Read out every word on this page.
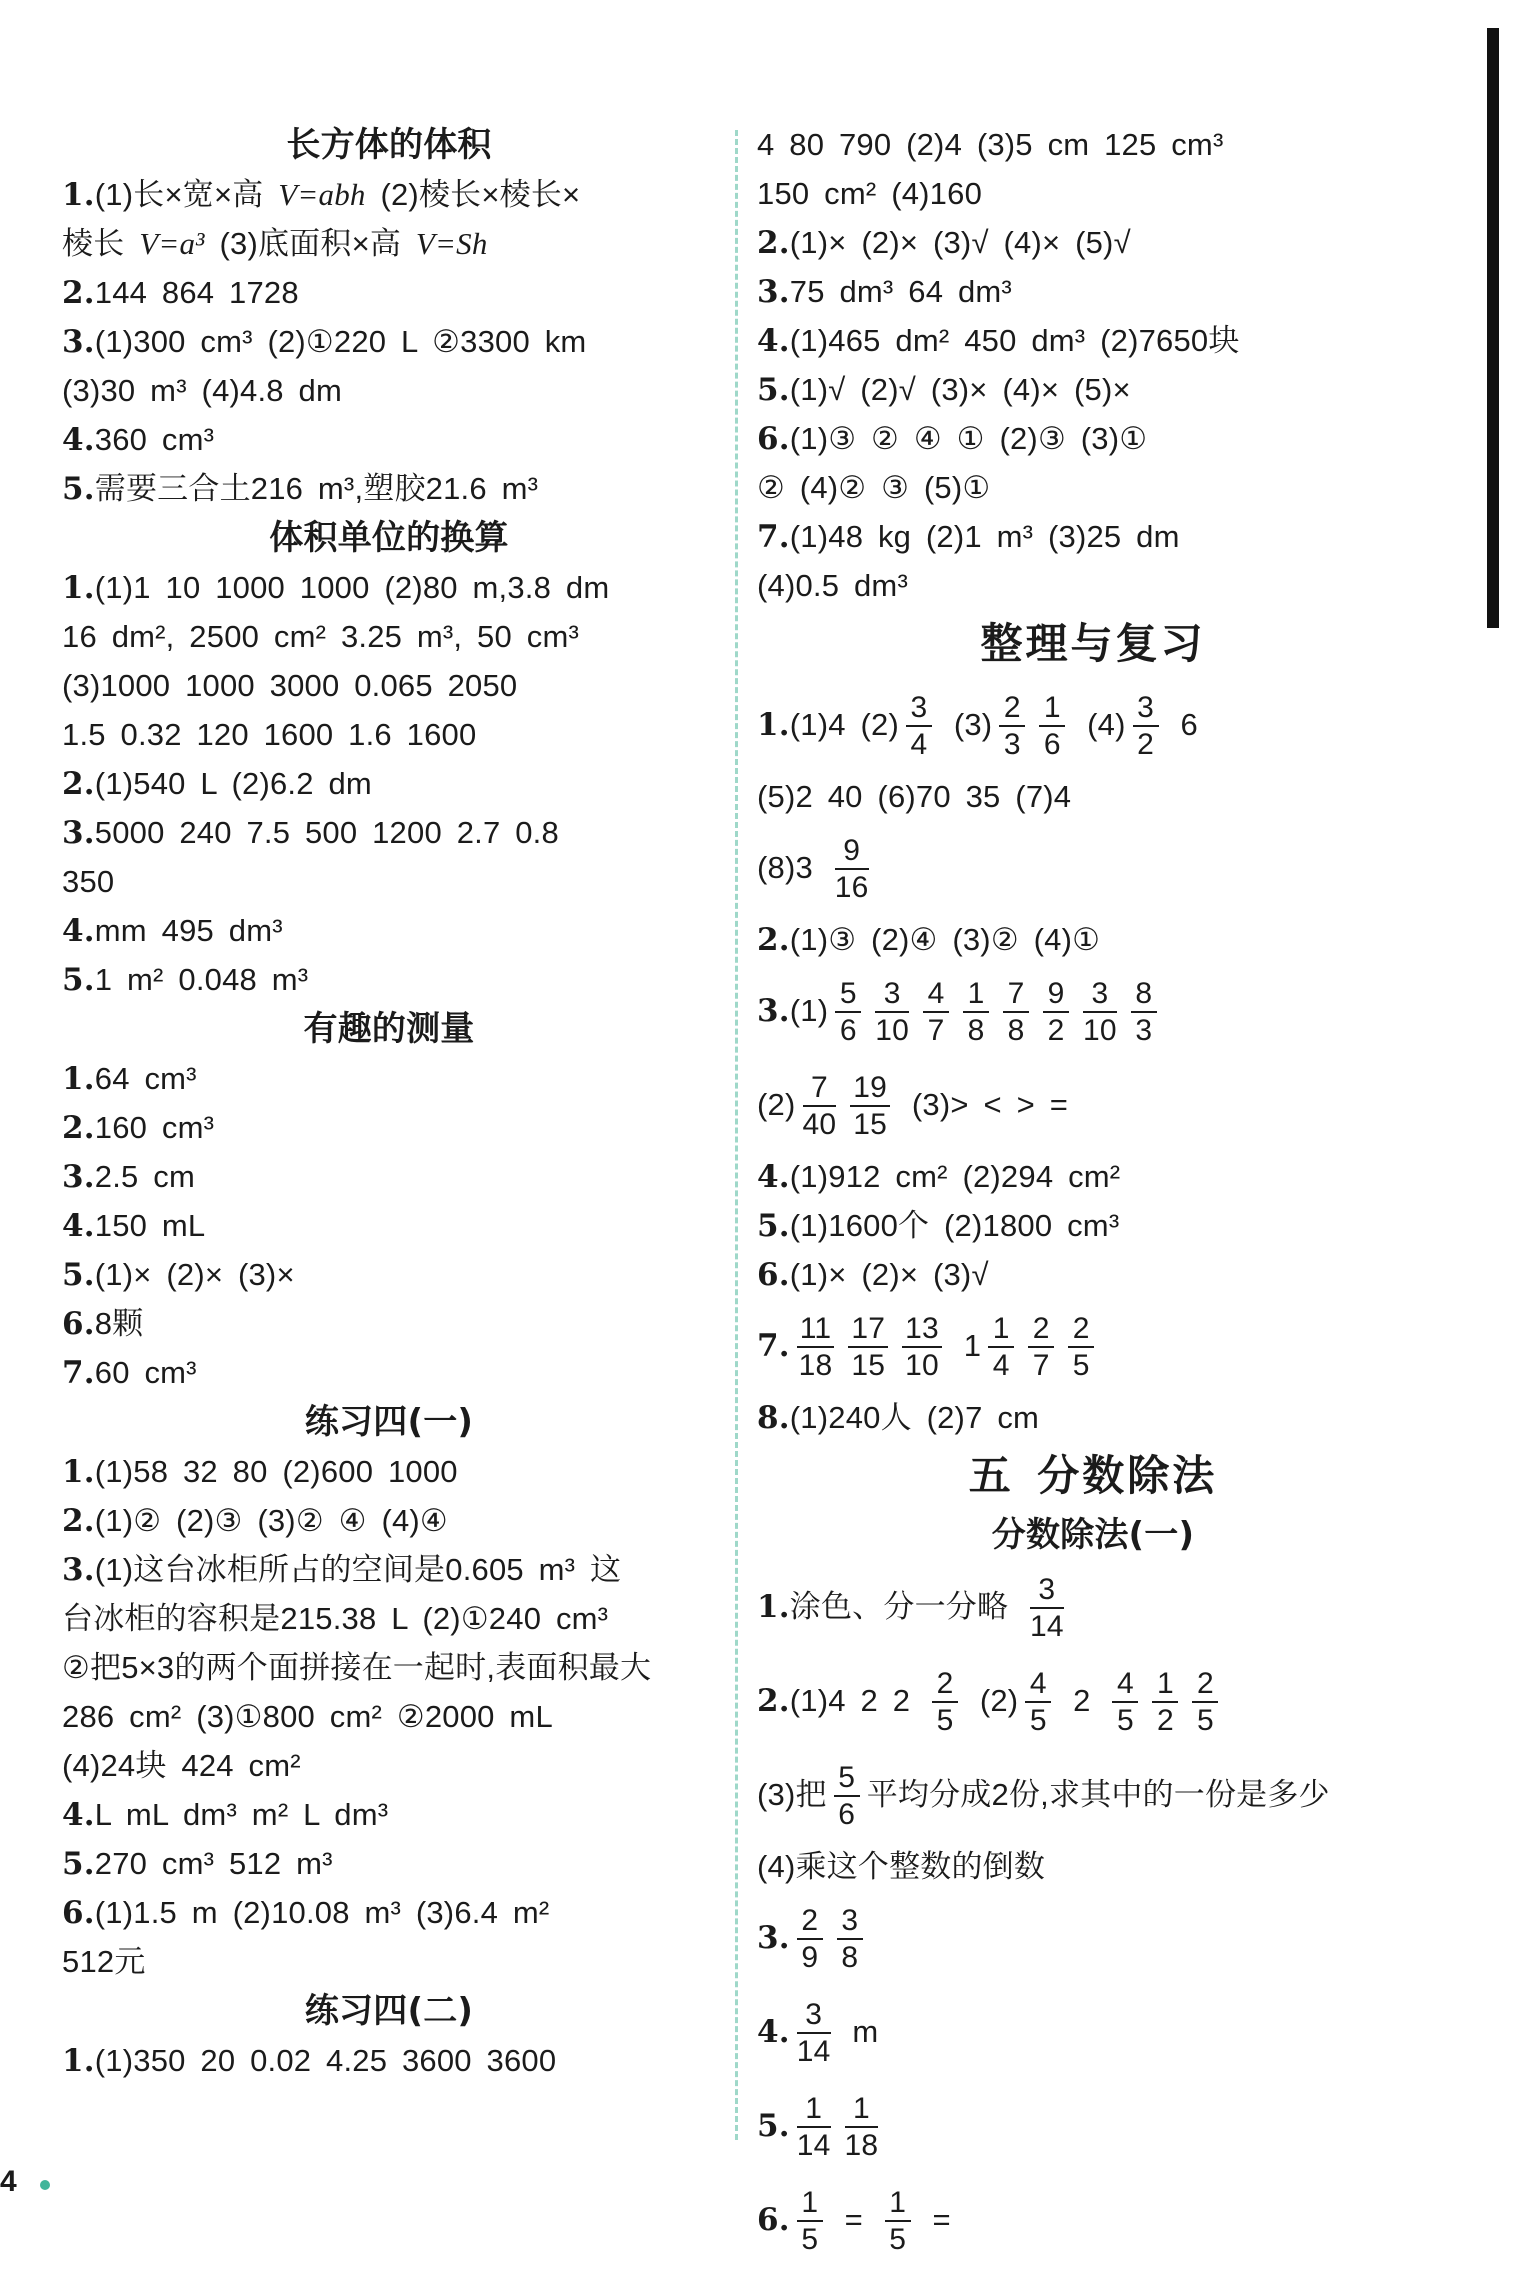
长方体的体积
1.(1)长×宽×高 V=abh (2)棱长×棱长×
棱长 V=a³ (3)底面积×高 V=Sh
2.144 864 1728
3.(1)300 cm³ (2)①220 L ②3300 km
(3)30 m³ (4)4.8 dm
4.360 cm³
5.需要三合土216 m³,塑胶21.6 m³
体积单位的换算
1.(1)1 10 1000 1000 (2)80 m,3.8 dm
16 dm², 2500 cm² 3.25 m³, 50 cm³
(3)1000 1000 3000 0.065 2050
1.5 0.32 120 1600 1.6 1600
2.(1)540 L (2)6.2 dm
3.5000 240 7.5 500 1200 2.7 0.8
350
4.mm 495 dm³
5.1 m² 0.048 m³
有趣的测量
1.64 cm³
2.160 cm³
3.2.5 cm
4.150 mL
5.(1)× (2)× (3)×
6.8颗
7.60 cm³
练习四(一)
1.(1)58 32 80 (2)600 1000
2.(1)② (2)③ (3)② ④ (4)④
3.(1)这台冰柜所占的空间是0.605 m³ 这
台冰柜的容积是215.38 L (2)①240 cm³
②把5×3的两个面拼接在一起时,表面积最大
286 cm² (3)①800 cm² ②2000 mL
(4)24块 424 cm²
4.L mL dm³ m² L dm³
5.270 cm³ 512 m³
6.(1)1.5 m (2)10.08 m³ (3)6.4 m²
512元
练习四(二)
1.(1)350 20 0.02 4.25 3600 3600
4 80 790 (2)4 (3)5 cm 125 cm³
150 cm² (4)160
2.(1)× (2)× (3)√ (4)× (5)√
3.75 dm³ 64 dm³
4.(1)465 dm² 450 dm³ (2)7650块
5.(1)√ (2)√ (3)× (4)× (5)×
6.(1)③ ② ④ ① (2)③ (3)①
② (4)② ③ (5)①
7.(1)48 kg (2)1 m³ (3)25 dm
(4)0.5 dm³
整理与复习
1.(1)4 $(2) \frac{3}{4} (3) \frac{2}{3} \frac{1}{6} (4) \frac{3}{2} 6$
(5)2 40 (6)70 35 (7)4
$(8)3 \frac{9}{16}$
2.(1)③ (2)④ (3)② (4)①
$3.(1) \frac{5}{6} \frac{3}{10} \frac{4}{7} \frac{1}{8} \frac{7}{8} \frac{9}{2} \frac{3}{10} \frac{8}{3}$
$(2) \frac{7}{40} \frac{19}{15} (3)>$ < > =
4.(1)912 cm² (2)294 cm²
5.(1)1600个 (2)1800 cm³
6.(1)× (2)× (3)√
7. $\frac{11}{18} \frac{17}{15} \frac{13}{10} 1 \frac{1}{4} \frac{2}{7} \frac{2}{5}$
8.(1)240人 (2)7 cm
五 分数除法
分数除法(一)
1.涂色、分一分略 $\frac{3}{14}$
2.(1)4 2 $2 \frac{2}{5} (2) \frac{4}{5} 2 \frac{4}{5} \frac{1}{2} \frac{2}{5}$
(3)把 $\frac{5}{6}$ 平均分成2份,求其中的一份是多少
(4)乘这个整数的倒数
3. $\frac{2}{9} \frac{3}{8}$
4. $\frac{3}{14}$ m
5. $\frac{1}{14} \frac{1}{18}$
6. $\frac{1}{5} = \frac{1}{5}$ =
4
